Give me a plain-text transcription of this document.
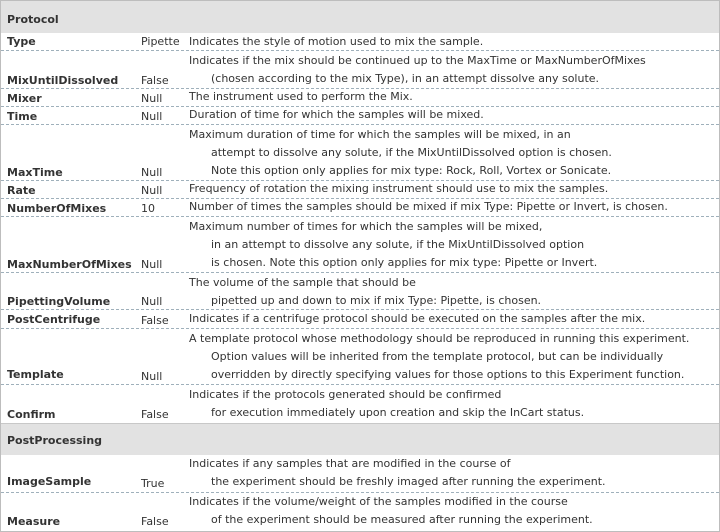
Protocol
Type	Pipette Indicates the style of motion used to mix the sample.
MixUntilDissolved False
Indicates if the mix should be continued up to the MaxTime or MaxNumberOfMixes
(chosen according to the mix Type), in an attempt dissolve any solute.
Mixer	Null The instrument used to perform the Mix.
Time	Null Duration of time for which the samples will be mixed.
MaxTime	Null
Maximum duration of time for which the samples will be mixed, in an
attempt to dissolve any solute, if the MixUntilDissolved option is chosen.
Note this option only applies for mix type: Rock, Roll, Vortex or Sonicate.
Rate	Null Frequency of rotation the mixing instrument should use to mix the samples.
NumberOfMixes	10	Number of times the samples should be mixed if mix Type: Pipette or Invert, is chosen.
MaxNumberOfMixes Null
Maximum number of times for which the samples will be mixed,
in an attempt to dissolve any solute, if the MixUntilDissolved option
is chosen. Note this option only applies for mix type: Pipette or Invert.
PipettingVolume	Null
The volume of the sample that should be
pipetted up and down to mix if mix Type: Pipette, is chosen.
PostCentrifuge	False Indicates if a centrifuge protocol should be executed on the samples after the mix.
Template	Null
A template protocol whose methodology should be reproduced in running this experiment.
Option values will be inherited from the template protocol, but can be individually
overridden by directly specifying values for those options to this Experiment function.
Confirm	False
Indicates if the protocols generated should be confirmed
for execution immediately upon creation and skip the InCart status.
PostProcessing
ImageSample	True
Indicates if any samples that are modified in the course of
the experiment should be freshly imaged after running the experiment.
Measure	False
Indicates if the volume/weight of the samples modified in the course
of the experiment should be measured after running the experiment.
